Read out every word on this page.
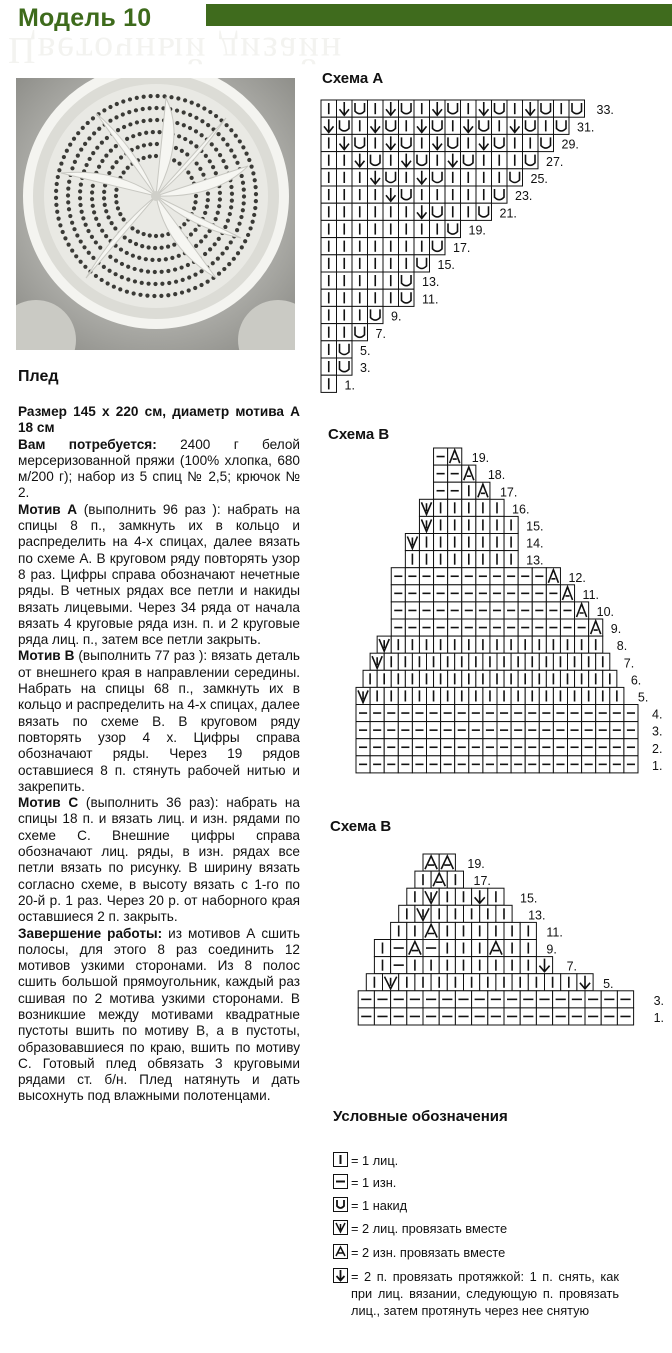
Цветочный дизайн
Модель 10
Плед

Размер 145 x 220 см, диаметр мотива А 18 см

Вам потребуется: 2400 г белой мерсеризованной пряжи (100% хлопка, 680 м/200 г); набор из 5 спиц № 2,5; крючок № 2.

Мотив А (выполнить 96 раз ): набрать на спицы 8 п., замкнуть их в кольцо и распределить на 4-х спицах, далее вязать по схеме А. В круговом ряду повторять узор 8 раз. Цифры справа обозначают нечетные ряды. В четных рядах все петли и накиды вязать лицевыми. Через 34 ряда от начала вязать 4 круговые ряда изн. п. и 2 круговые ряда лиц. п., затем все петли закрыть.

Мотив В (выполнить 77 раз ): вязать деталь от внешнего края в направлении середины. Набрать на спицы 68 п., замкнуть их в кольцо и распределить на 4-х спицах, далее вязать по схеме В. В круговом ряду повторять узор 4 х. Цифры справа обозначают ряды. Через 19 рядов оставшиеся 8 п. стянуть рабочей нитью и закрепить.

Мотив С (выполнить 36 раз): набрать на спицы 18 п. и вязать лиц. и изн. рядами по схеме С. Внешние цифры справа обозначают лиц. ряды, в изн. рядах все петли вязать по рисунку. В ширину вязать согласно схеме, в высоту вязать с 1-го по 20-й р. 1 раз. Через 20 р. от наборного края оставшиеся 2 п. закрыть.

Завершение работы: из мотивов А сшить полосы, для этого 8 раз соединить 12 мотивов узкими сторонами. Из 8 полос сшить большой прямоугольник, каждый раз сшивая по 2 мотива узкими сторонами. В возникшие между мотивами квадратные пустоты вшить по мотиву В, а в пустоты, образовавшиеся по краю, вшить по мотиву С. Готовый плед обвязать 3 круговыми рядами ст. б/н. Плед натянуть и дать высохнуть под влажными полотенцами.

Схема А
33.
31.
29.
27.
25.
23.
21.
19.
17.
15.
13.
11.
9.
7.
5.
3.
1.
Схема В
19.
18.
17.
16.
15.
14.
13.
12.
11.
10.
9.
8.
7.
6.
5.
4.
3.
2.
1.
Схема В
19.
17.
15.
13.
11.
9.
7.
5.
3.
1.
Условные обозначения
= 1 лиц.
= 1 изн.
= 1 накид
= 2 лиц. провязать вместе
= 2 изн. провязать вместе
= 2 п. провязать протяжкой: 1 п. снять, как при лиц. вязании, следующую п. провязать лиц., затем протянуть через нее снятую
